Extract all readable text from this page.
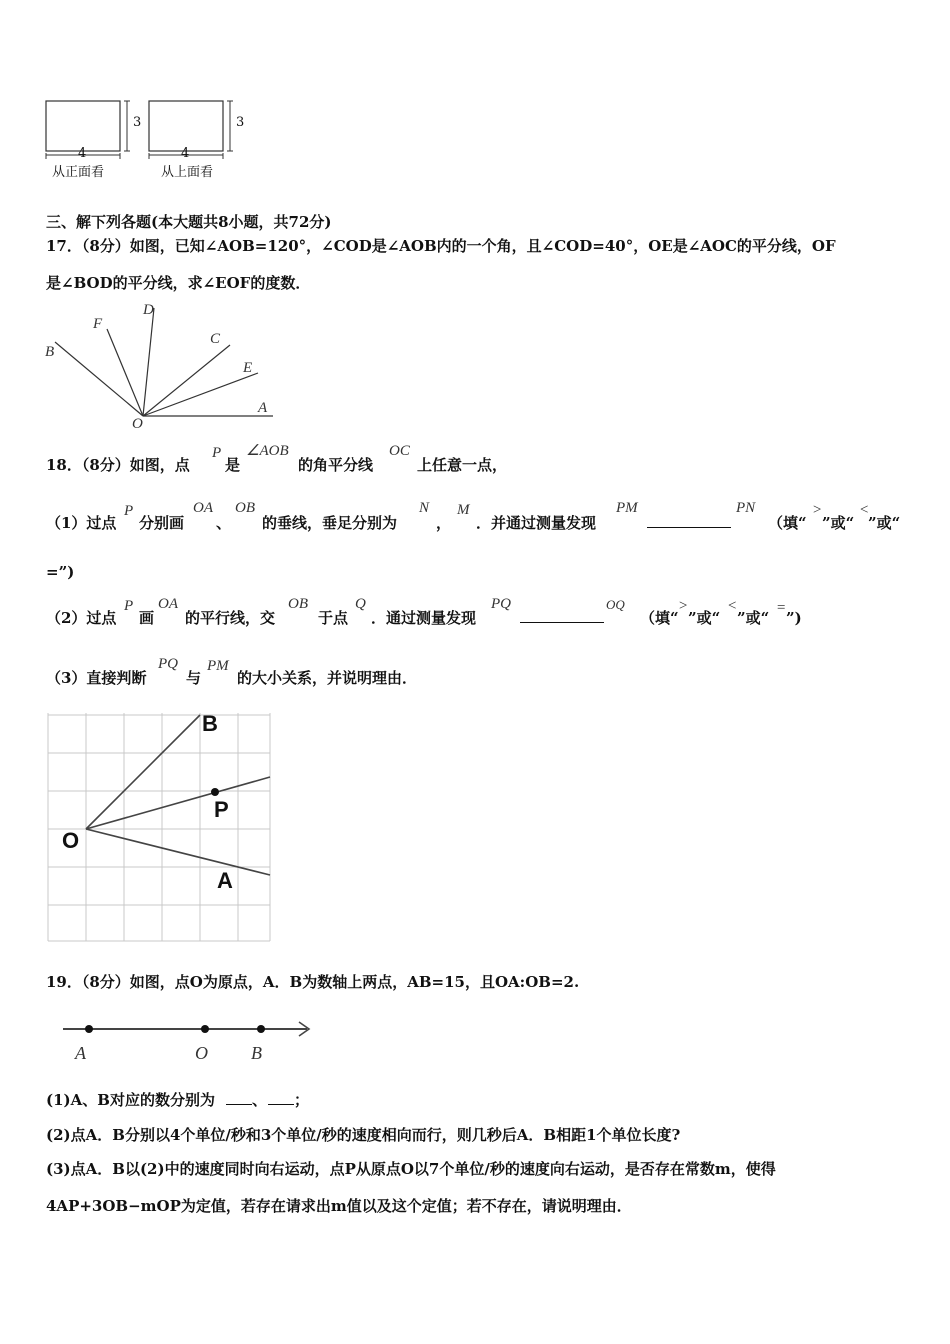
3
4
从正面看
3
4
从上面看
三、解下列各题(本大题共8小题，共72分)
17．（8分）如图，已知∠AOB=120°，∠COD是∠AOB内的一个角，且∠COD=40°，OE是∠AOC的平分线，OF
是∠BOD的平分线，求∠EOF的度数．
B
F
D
C
E
A
O
18．（8分）如图，点
P
是
∠AOB
的角平分线
OC
上任意一点，
（1）过点
P
分别画
OA
、
OB
的垂线，垂足分别为
N
，
M
．并通过测量发现
PM	PN
（填“
>
”或“
<
”或“
=”)
（2）过点
P
画
OA
的平行线，交
OB
于点
Q
．通过测量发现
PQ	OQ
（填“
>
”或“
<
”或“
=
”)
（3）直接判断
PQ
与
PM
的大小关系，并说明理由．
B
P
O
A
19．（8分）如图，点O为原点，A．B为数轴上两点，AB=15，且OA:OB=2.
A	O B
(1)A、B对应的数分别为 、 ；
(2)点A．B分别以4个单位/秒和3个单位/秒的速度相向而行，则几秒后A．B相距1个单位长度?
(3)点A．B以(2)中的速度同时向右运动，点P从原点O以7个单位/秒的速度向右运动，是否存在常数m，使得
4AP+3OB−mOP为定值，若存在请求出m值以及这个定值；若不存在，请说明理由．
